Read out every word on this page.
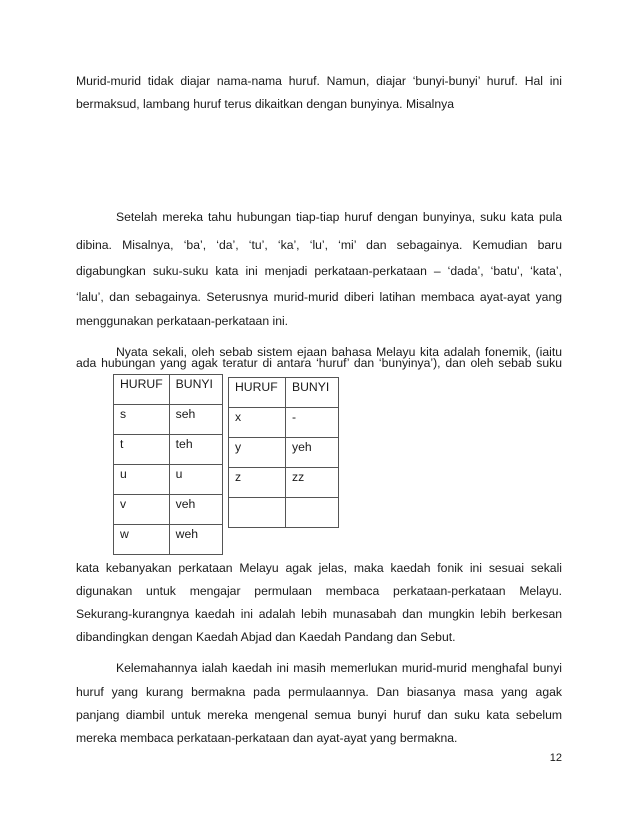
Murid-murid tidak diajar nama-nama huruf. Namun, diajar ‘bunyi-bunyi’ huruf. Hal ini

bermaksud, lambang huruf terus dikaitkan dengan bunyinya. Misalnya

Setelah mereka tahu hubungan tiap-tiap huruf dengan bunyinya, suku kata pula

dibina. Misalnya, ‘ba’, ‘da’, ‘tu’, ‘ka’, ‘lu’, ‘mi’ dan sebagainya. Kemudian baru

digabungkan suku-suku kata ini menjadi perkataan-perkataan – ‘dada’, ‘batu’, ‘kata’,

‘lalu’, dan sebagainya. Seterusnya murid-murid diberi latihan membaca ayat-ayat yang

menggunakan perkataan-perkataan ini.

Nyata sekali, oleh sebab sistem ejaan bahasa Melayu kita adalah fonemik, (iaitu

ada hubungan yang agak teratur di antara ‘huruf’ dan ‘bunyinya’), dan oleh sebab suku

HURUF	BUNYI
s	seh
t	teh
u	u
v	veh
w	weh
HURUF	BUNYI
x	-
y	yeh
z	zz

kata kebanyakan perkataan Melayu agak jelas, maka kaedah fonik ini sesuai sekali

digunakan untuk mengajar permulaan membaca perkataan-perkataan Melayu.

Sekurang-kurangnya kaedah ini adalah lebih munasabah dan mungkin lebih berkesan

dibandingkan dengan Kaedah Abjad dan Kaedah Pandang dan Sebut.

Kelemahannya ialah kaedah ini masih memerlukan murid-murid menghafal bunyi

huruf yang kurang bermakna pada permulaannya. Dan biasanya masa yang agak

panjang diambil untuk mereka mengenal semua bunyi huruf dan suku kata sebelum

mereka membaca perkataan-perkataan dan ayat-ayat yang bermakna.

12
